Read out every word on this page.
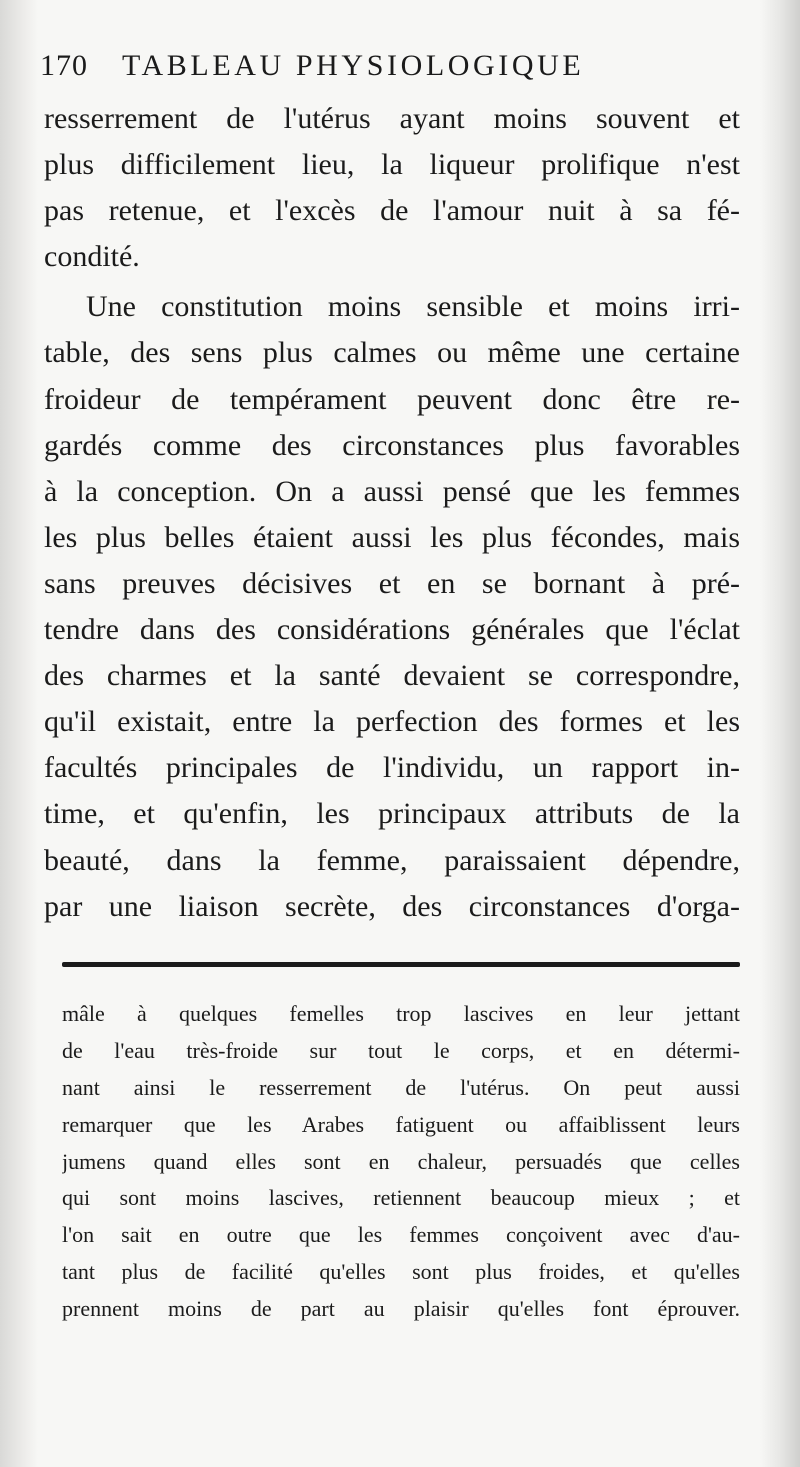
170 TABLEAU PHYSIOLOGIQUE
resserrement de l'utérus ayant moins souvent et
plus difficilement lieu, la liqueur prolifique n'est
pas retenue, et l'excès de l'amour nuit à sa fé-
condité.
Une constitution moins sensible et moins irri-
table, des sens plus calmes ou même une certaine
froideur de tempérament peuvent donc être re-
gardés comme des circonstances plus favorables
à la conception. On a aussi pensé que les femmes
les plus belles étaient aussi les plus fécondes, mais
sans preuves décisives et en se bornant à pré-
tendre dans des considérations générales que l'éclat
des charmes et la santé devaient se correspondre,
qu'il existait, entre la perfection des formes et les
facultés principales de l'individu, un rapport in-
time, et qu'enfin, les principaux attributs de la
beauté, dans la femme, paraissaient dépendre,
par une liaison secrète, des circonstances d'orga-
mâle à quelques femelles trop lascives en leur jettant
de l'eau très-froide sur tout le corps, et en détermi-
nant ainsi le resserrement de l'utérus. On peut aussi
remarquer que les Arabes fatiguent ou affaiblissent leurs
jumens quand elles sont en chaleur, persuadés que celles
qui sont moins lascives, retiennent beaucoup mieux ; et
l'on sait en outre que les femmes conçoivent avec d'au-
tant plus de facilité qu'elles sont plus froides, et qu'elles
prennent moins de part au plaisir qu'elles font éprouver.
